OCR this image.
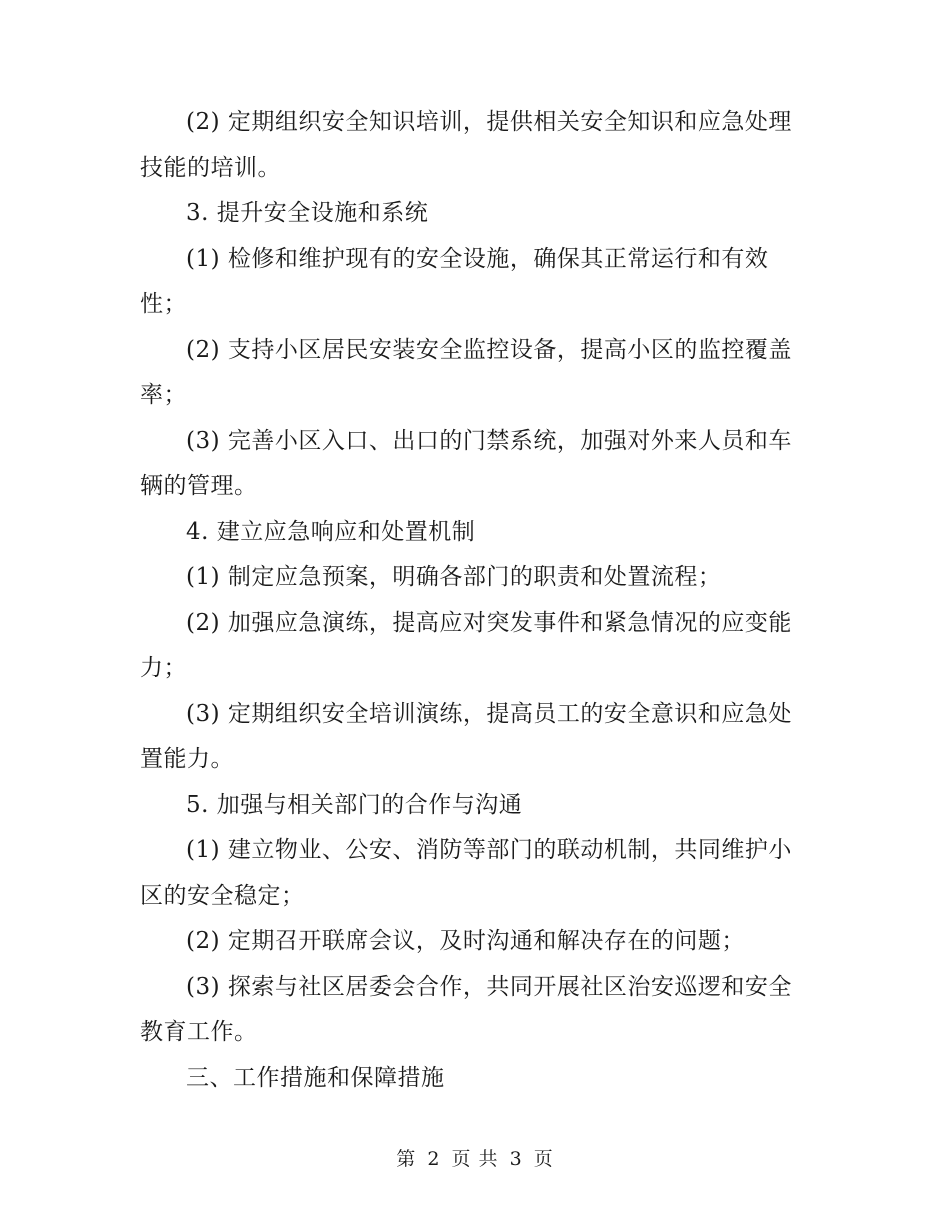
(2) 定期组织安全知识培训，提供相关安全知识和应急处理技能的培训。

3. 提升安全设施和系统

(1) 检修和维护现有的安全设施，确保其正常运行和有效性；

(2) 支持小区居民安装安全监控设备，提高小区的监控覆盖率；

(3) 完善小区入口、出口的门禁系统，加强对外来人员和车辆的管理。

4. 建立应急响应和处置机制

(1) 制定应急预案，明确各部门的职责和处置流程；

(2) 加强应急演练，提高应对突发事件和紧急情况的应变能力；

(3) 定期组织安全培训演练，提高员工的安全意识和应急处置能力。

5. 加强与相关部门的合作与沟通

(1) 建立物业、公安、消防等部门的联动机制，共同维护小区的安全稳定；

(2) 定期召开联席会议，及时沟通和解决存在的问题；

(3) 探索与社区居委会合作，共同开展社区治安巡逻和安全教育工作。

三、工作措施和保障措施

第 2 页 共 3 页
